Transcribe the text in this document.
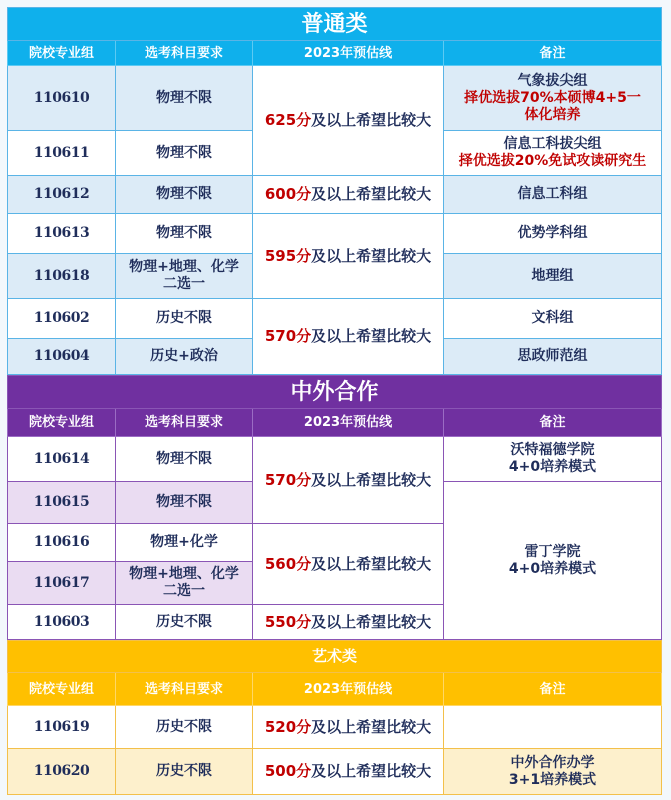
普通类
院校专业组	选考科目要求	2023年预估线	备注
110610	物理不限
	625分及以上希望比较大	
气象拔尖组
择优选拔70%本硕博4+5一
体化培养

110611	物理不限

信息工科拔尖组
择优选拔20%免试攻读研究生

110612	物理不限	600分及以上希望比较大	信息工科组

110613	物理不限
	595分及以上希望比较大	
优势学科组

110618	
物理+地理、化学
二选一

地理组

110602	历史不限
	570分及以上希望比较大	
文科组

110604	历史+政治	思政师范组
中外合作
院校专业组	选考科目要求	2023年预估线	备注
110614	物理不限
	570分及以上希望比较大	
沃特福德学院
4+0培养模式

110615	物理不限

雷丁学院
4+0培养模式

110616	物理+化学
	560分及以上希望比较大
110617	
物理+地理、化学
二选一

110603	历史不限	550分及以上希望比较大
艺术类
院校专业组	选考科目要求	2023年预估线	备注
110619	历史不限	520分及以上希望比较大	
110620	历史不限	500分及以上希望比较大	中外合作办学
3+1培养模式
